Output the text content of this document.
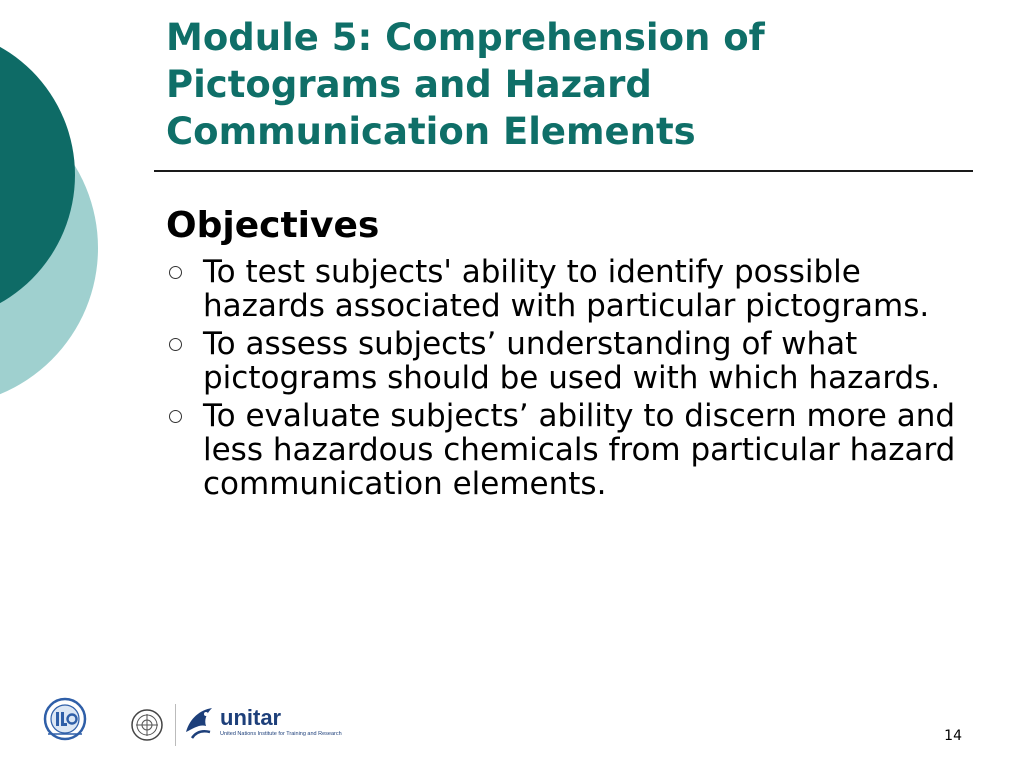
Module 5: Comprehension of
Pictograms and Hazard
Communication Elements
Objectives
To test subjects' ability to identify possible hazards associated with particular pictograms.
To assess subjects’ understanding of what pictograms should be used with which hazards.
To evaluate subjects’ ability to discern more and less hazardous chemicals from particular hazard communication elements.
unitar
United Nations Institute for Training and Research	14
